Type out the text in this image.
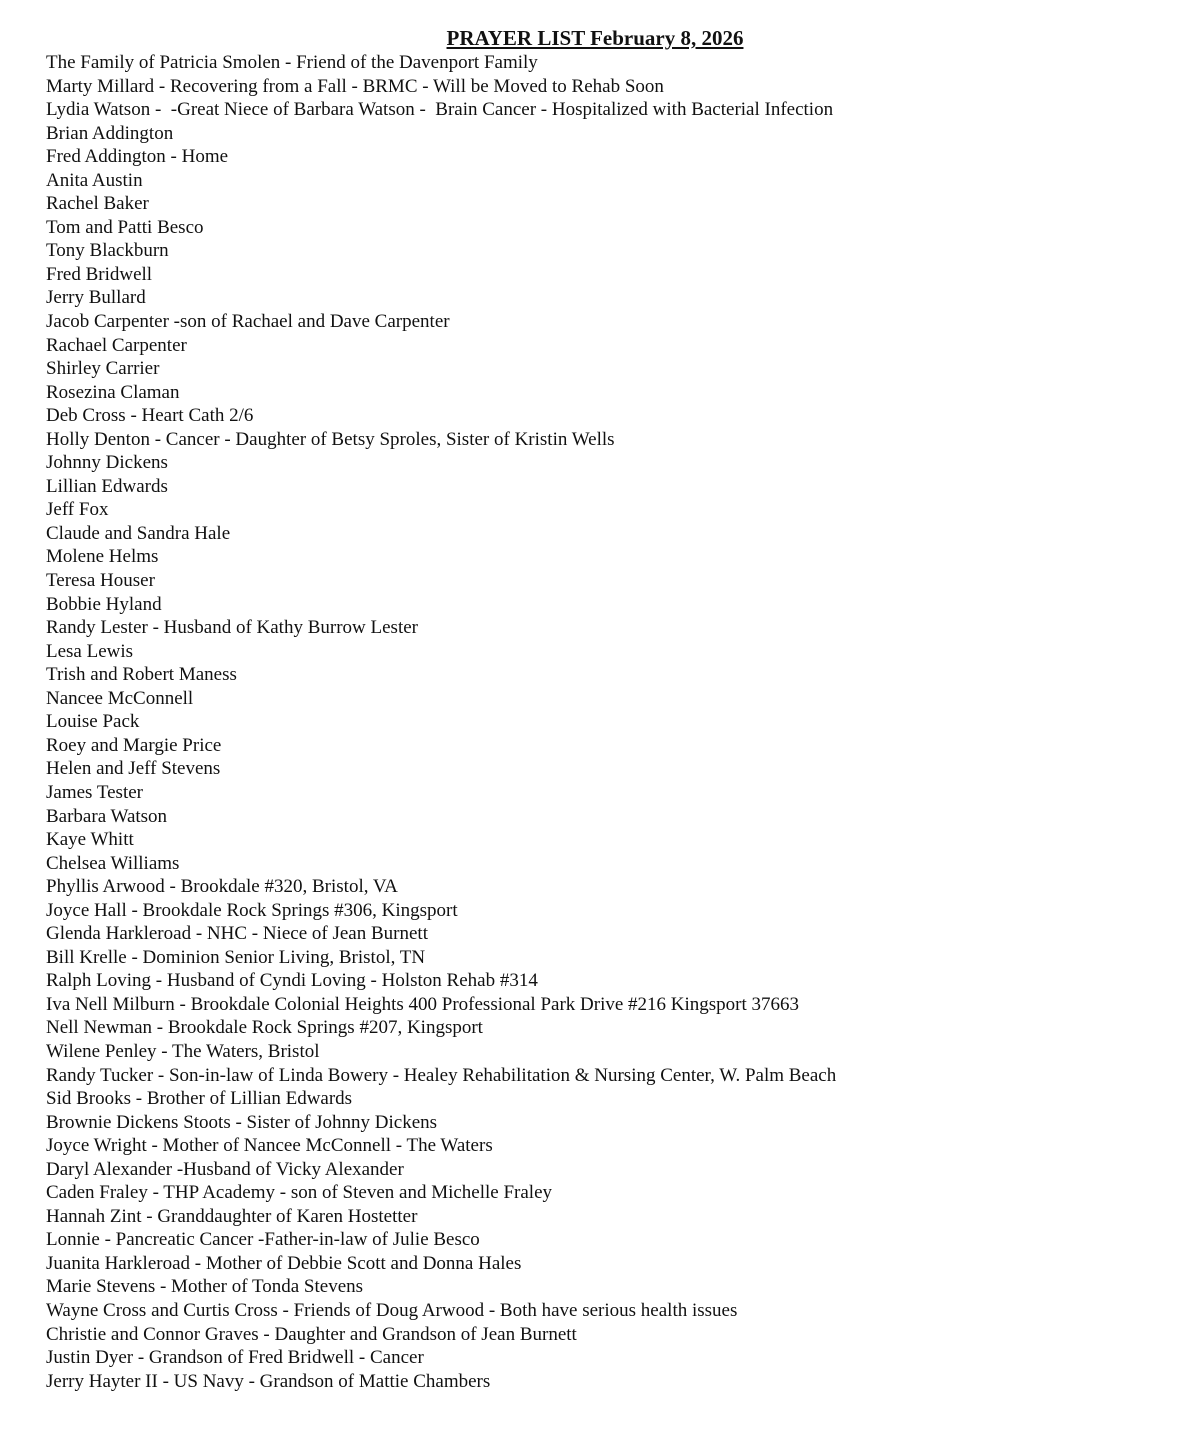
PRAYER LIST February 8, 2026
The Family of Patricia Smolen - Friend of the Davenport Family
Marty Millard - Recovering from a Fall - BRMC - Will be Moved to Rehab Soon
Lydia Watson -  -Great Niece of Barbara Watson -  Brain Cancer - Hospitalized with Bacterial Infection
Brian Addington
Fred Addington - Home
Anita Austin
Rachel Baker
Tom and Patti Besco
Tony Blackburn
Fred Bridwell
Jerry Bullard
Jacob Carpenter -son of Rachael and Dave Carpenter
Rachael Carpenter
Shirley Carrier
Rosezina Claman
Deb Cross - Heart Cath 2/6
Holly Denton - Cancer - Daughter of Betsy Sproles, Sister of Kristin Wells
Johnny Dickens
Lillian Edwards
Jeff Fox
Claude and Sandra Hale
Molene Helms
Teresa Houser
Bobbie Hyland
Randy Lester - Husband of Kathy Burrow Lester
Lesa Lewis
Trish and Robert Maness
Nancee McConnell
Louise Pack
Roey and Margie Price
Helen and Jeff Stevens
James Tester
Barbara Watson
Kaye Whitt
Chelsea Williams
Phyllis Arwood - Brookdale #320, Bristol, VA
Joyce Hall - Brookdale Rock Springs #306, Kingsport
Glenda Harkleroad - NHC - Niece of Jean Burnett
Bill Krelle - Dominion Senior Living, Bristol, TN
Ralph Loving - Husband of Cyndi Loving - Holston Rehab #314
Iva Nell Milburn - Brookdale Colonial Heights 400 Professional Park Drive #216 Kingsport 37663
Nell Newman - Brookdale Rock Springs #207, Kingsport
Wilene Penley - The Waters, Bristol
Randy Tucker - Son-in-law of Linda Bowery - Healey Rehabilitation & Nursing Center, W. Palm Beach
Sid Brooks - Brother of Lillian Edwards
Brownie Dickens Stoots - Sister of Johnny Dickens
Joyce Wright - Mother of Nancee McConnell - The Waters
Daryl Alexander -Husband of Vicky Alexander
Caden Fraley - THP Academy - son of Steven and Michelle Fraley
Hannah Zint - Granddaughter of Karen Hostetter
Lonnie - Pancreatic Cancer -Father-in-law of Julie Besco
Juanita Harkleroad - Mother of Debbie Scott and Donna Hales
Marie Stevens - Mother of Tonda Stevens
Wayne Cross and Curtis Cross - Friends of Doug Arwood - Both have serious health issues
Christie and Connor Graves - Daughter and Grandson of Jean Burnett
Justin Dyer - Grandson of Fred Bridwell - Cancer
Jerry Hayter II - US Navy - Grandson of Mattie Chambers
